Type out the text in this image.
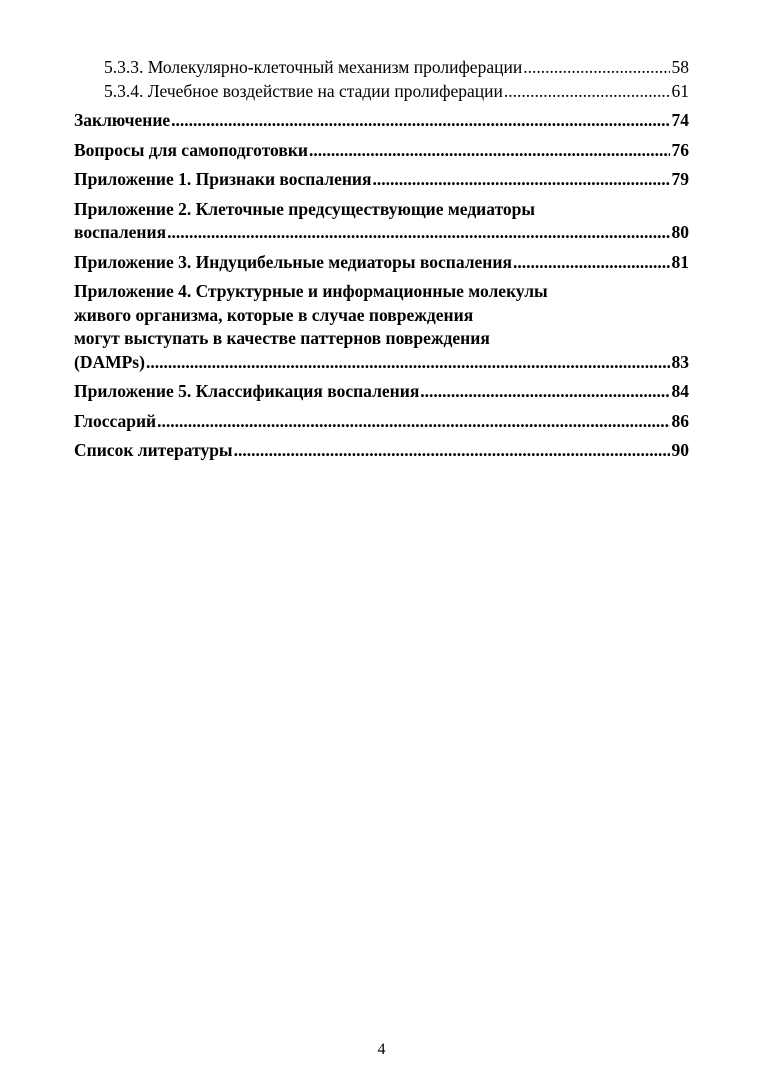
5.3.3. Молекулярно-клеточный механизм пролиферации .....	58
5.3.4. Лечебное воздействие на стадии пролиферации .....	61
Заключение .....	74
Вопросы для самоподготовки .....	76
Приложение 1. Признаки воспаления .....	79
Приложение 2. Клеточные предсуществующие медиаторы
воспаления .....	80
Приложение 3. Индуцибельные медиаторы воспаления .....	81
Приложение 4. Структурные и информационные молекулы
живого организма, которые в случае повреждения
могут выступать в качестве паттернов повреждения
(DAMPs) .....	83
Приложение 5. Классификация воспаления .....	84
Глоссарий .....	86
Список литературы .....	90
4
